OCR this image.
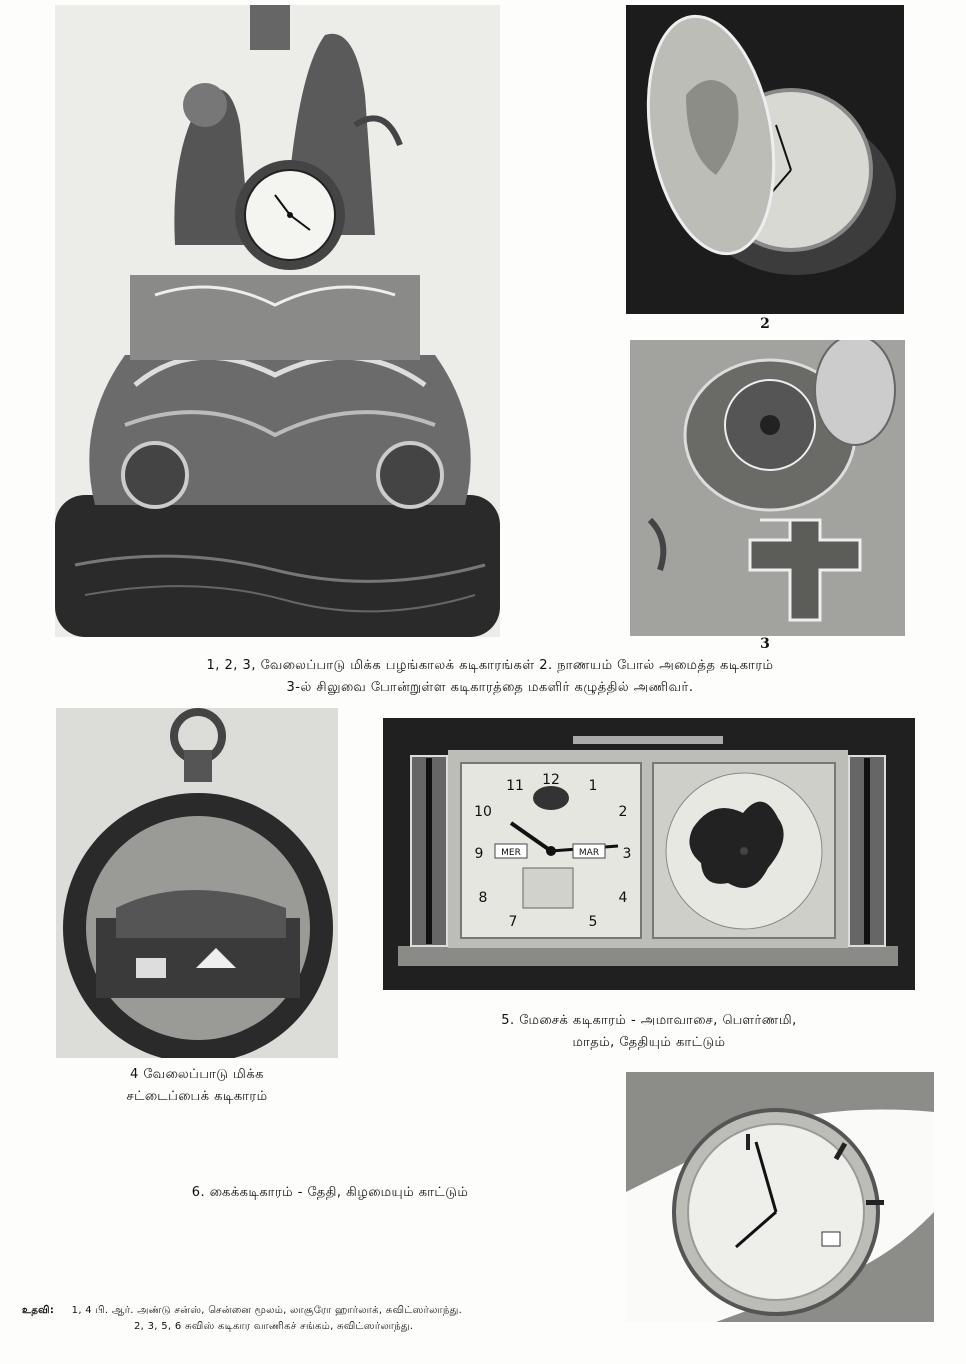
2
3
1, 2, 3, வேலைப்பாடு மிக்க பழங்காலக் கடிகாரங்கள் 2. நாணயம் போல் அமைத்த கடிகாரம்
3-ல் சிலுவை போன்றுள்ள கடிகாரத்தை மகளிர் கழுத்தில் அணிவர்.
4 வேலைப்பாடு மிக்க
சட்டைப்பைக் கடிகாரம்
12 1
2
3
4
5
7
8
9
10
11
MER	MAR
5. மேசைக் கடிகாரம் - அமாவாசை, பௌர்ணமி,
மாதம், தேதியும் காட்டும்
6. கைக்கடிகாரம் - தேதி, கிழமையும் காட்டும்
உதவி: 1, 4 பி. ஆர். அண்டு சன்ஸ், சென்னை மூலம், லாசூரோ ஹார்லாக், சுவிட்ஸர்லாந்து.
2, 3, 5, 6 சுவிஸ் கடிகார வாணிகச் சங்கம், சுவிட்ஸர்லாந்து.
